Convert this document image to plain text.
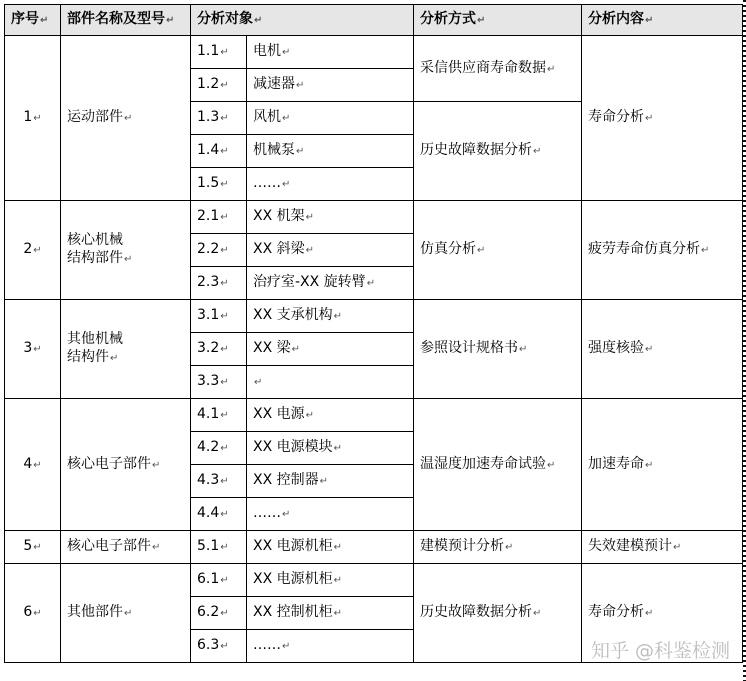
序号↵	部件名称及型号↵	分析对象↵		分析方式↵	分析内容↵
1↵	运动部件↵	1.1↵	电机↵	采信供应商寿命数据↵	寿命分析↵
		1.2↵	减速器↵		
		1.3↵	风机↵	历史故障数据分析↵	
		1.4↵	机械泵↵		
		1.5↵	……↵		
2↵	核心机械
结构部件↵	2.1↵	XX 机架↵	仿真分析↵	疲劳寿命仿真分析↵
		2.2↵	XX 斜梁↵		
		2.3↵	治疗室-XX 旋转臂↵		
3↵	其他机械
结构件↵	3.1↵	XX 支承机构↵	参照设计规格书↵	强度核验↵
		3.2↵	XX 梁↵		
		3.3↵	↵		
4↵	核心电子部件↵	4.1↵	XX 电源↵	温湿度加速寿命试验↵	加速寿命↵
		4.2↵	XX 电源模块↵		
		4.3↵	XX 控制器↵		
		4.4↵	……↵		
5↵	核心电子部件↵	5.1↵	XX 电源机柜↵	建模预计分析↵	失效建模预计↵
6↵	其他部件↵	6.1↵	XX 电源机柜↵	历史故障数据分析↵	寿命分析↵
		6.2↵	XX 控制机柜↵		
		6.3↵	……↵			知乎 @科鉴检测
